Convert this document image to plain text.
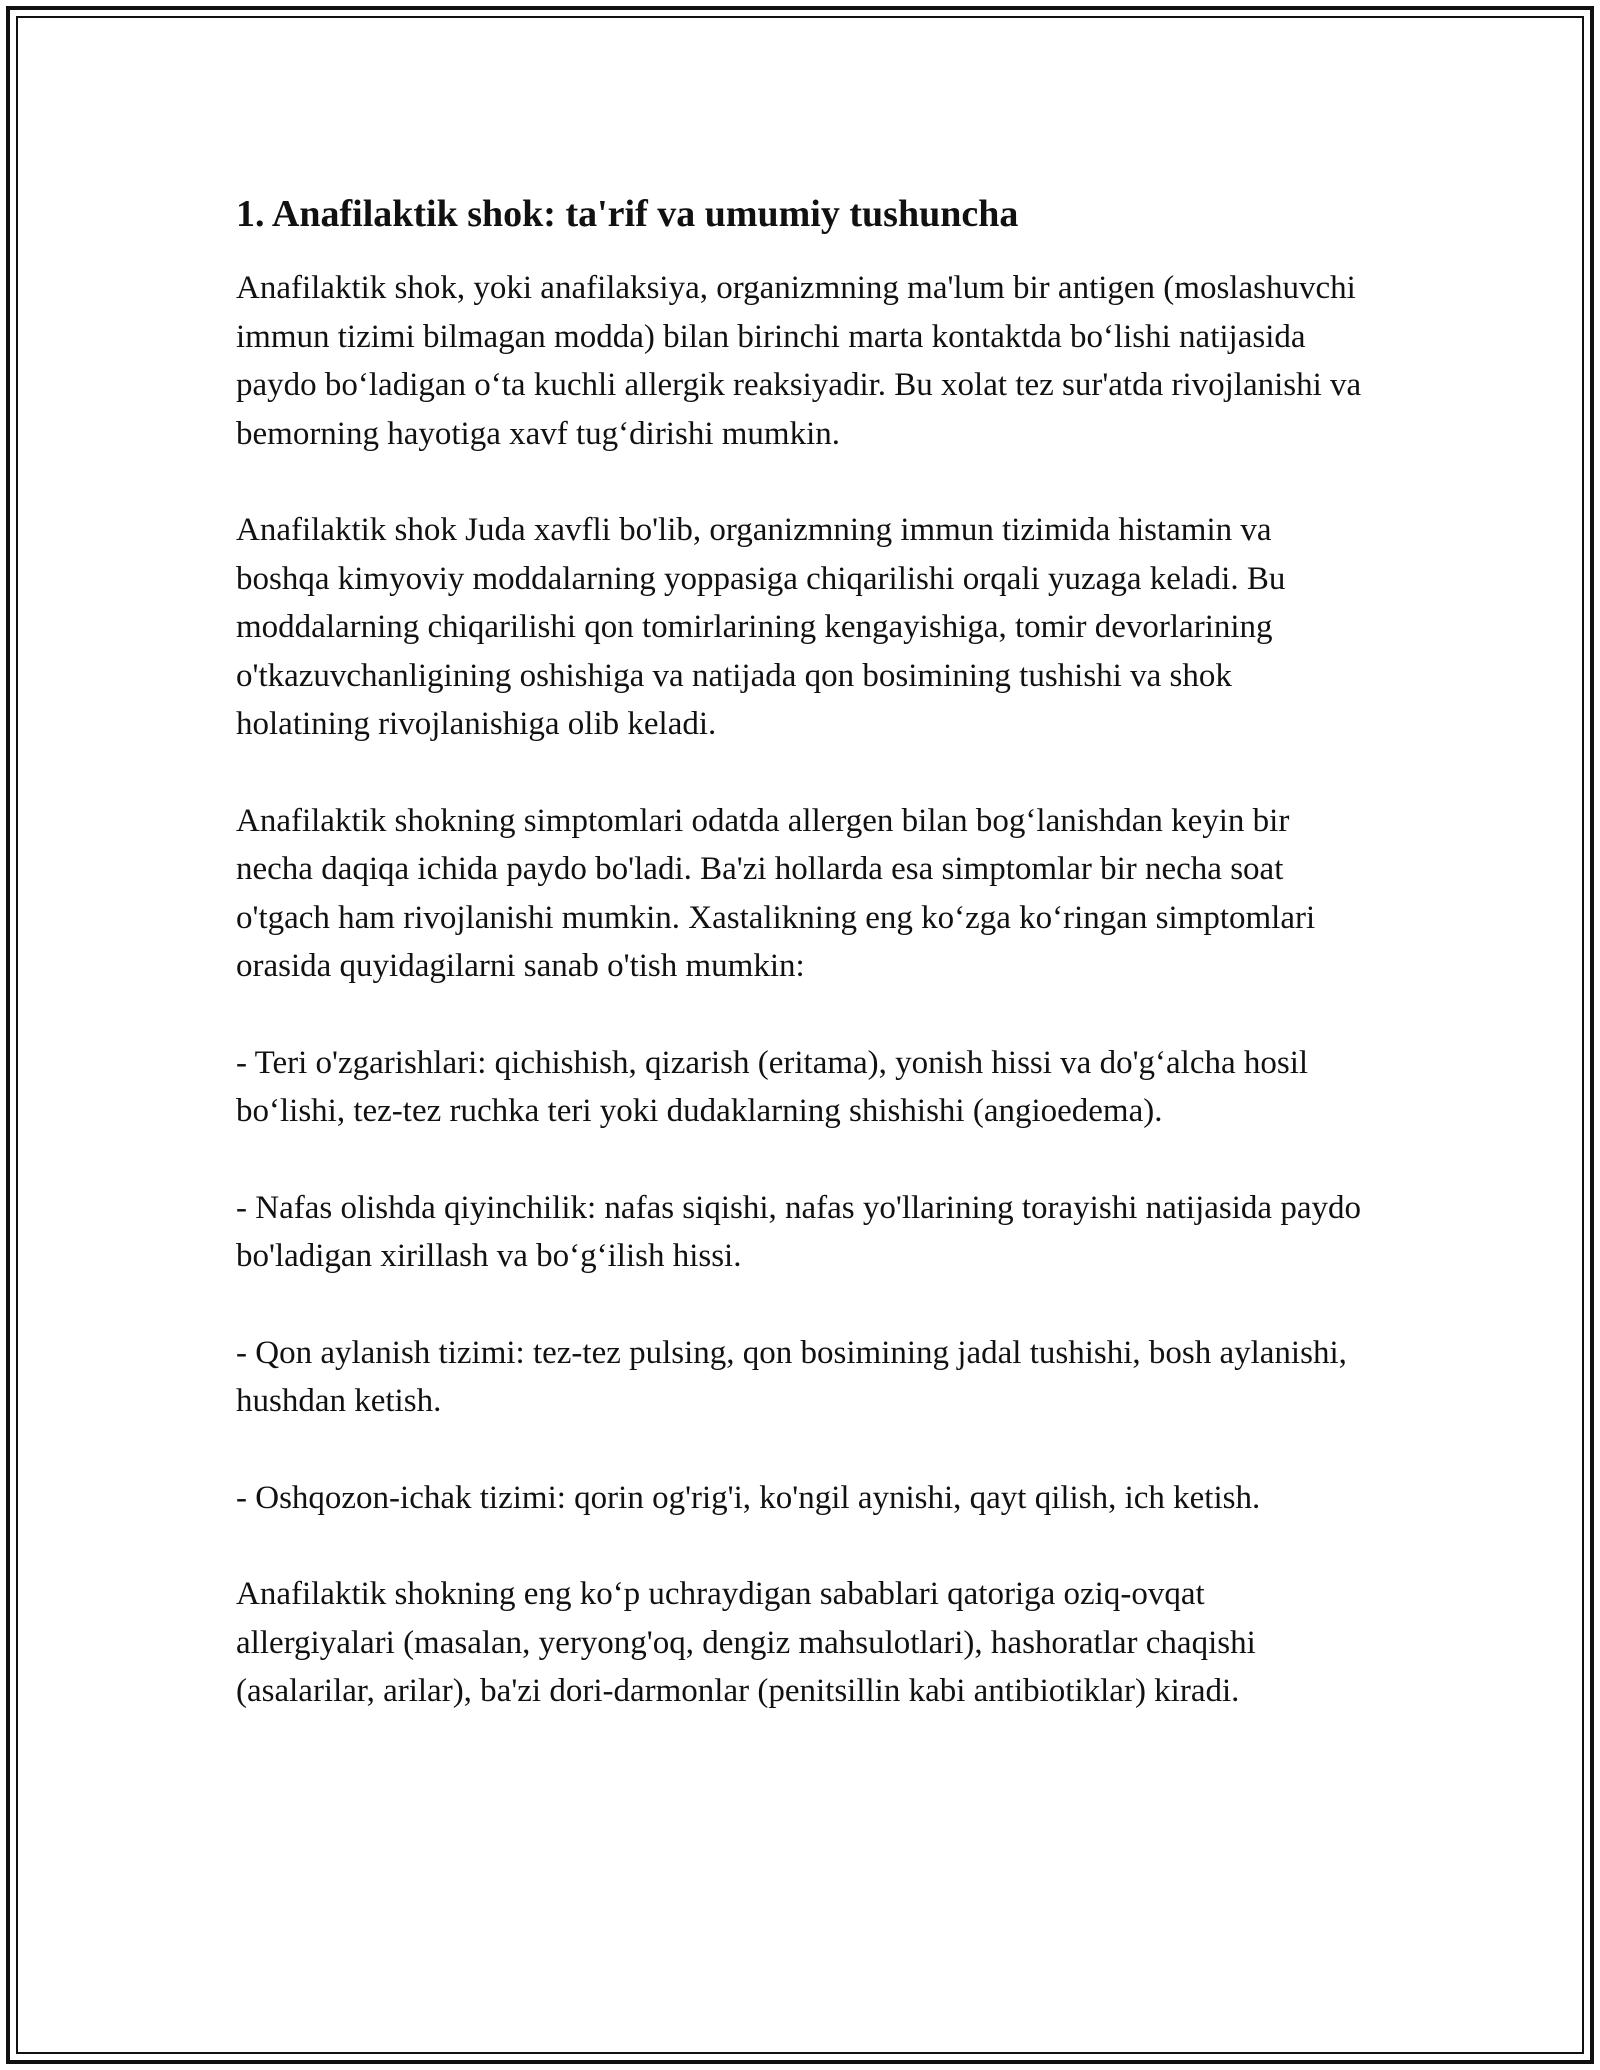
1. Anafilaktik shok: ta'rif va umumiy tushuncha

Anafilaktik shok, yoki anafilaksiya, organizmning ma'lum bir antigen (moslashuvchi immun tizimi bilmagan modda) bilan birinchi marta kontaktda bo‘lishi natijasida paydo bo‘ladigan o‘ta kuchli allergik reaksiyadir. Bu xolat tez sur'atda rivojlanishi va bemorning hayotiga xavf tug‘dirishi mumkin.

Anafilaktik shok Juda xavfli bo'lib, organizmning immun tizimida histamin va boshqa kimyoviy moddalarning yoppasiga chiqarilishi orqali yuzaga keladi. Bu moddalarning chiqarilishi qon tomirlarining kengayishiga, tomir devorlarining o'tkazuvchanligining oshishiga va natijada qon bosimining tushishi va shok holatining rivojlanishiga olib keladi.

Anafilaktik shokning simptomlari odatda allergen bilan bog‘lanishdan keyin bir necha daqiqa ichida paydo bo'ladi. Ba'zi hollarda esa simptomlar bir necha soat o'tgach ham rivojlanishi mumkin. Xastalikning eng ko‘zga ko‘ringan simptomlari orasida quyidagilarni sanab o'tish mumkin:

- Teri o'zgarishlari: qichishish, qizarish (eritama), yonish hissi va do'g‘alcha hosil bo‘lishi, tez-tez ruchka teri yoki dudaklarning shishishi (angioedema).

- Nafas olishda qiyinchilik: nafas siqishi, nafas yo'llarining torayishi natijasida paydo bo'ladigan xirillash va bo‘g‘ilish hissi.

- Qon aylanish tizimi: tez-tez pulsing, qon bosimining jadal tushishi, bosh aylanishi, hushdan ketish.

- Oshqozon-ichak tizimi: qorin og'rig'i, ko'ngil aynishi, qayt qilish, ich ketish.

Anafilaktik shokning eng ko‘p uchraydigan sabablari qatoriga oziq-ovqat allergiyalari (masalan, yeryong'oq, dengiz mahsulotlari), hashoratlar chaqishi (asalarilar, arilar), ba'zi dori-darmonlar (penitsillin kabi antibiotiklar) kiradi.
